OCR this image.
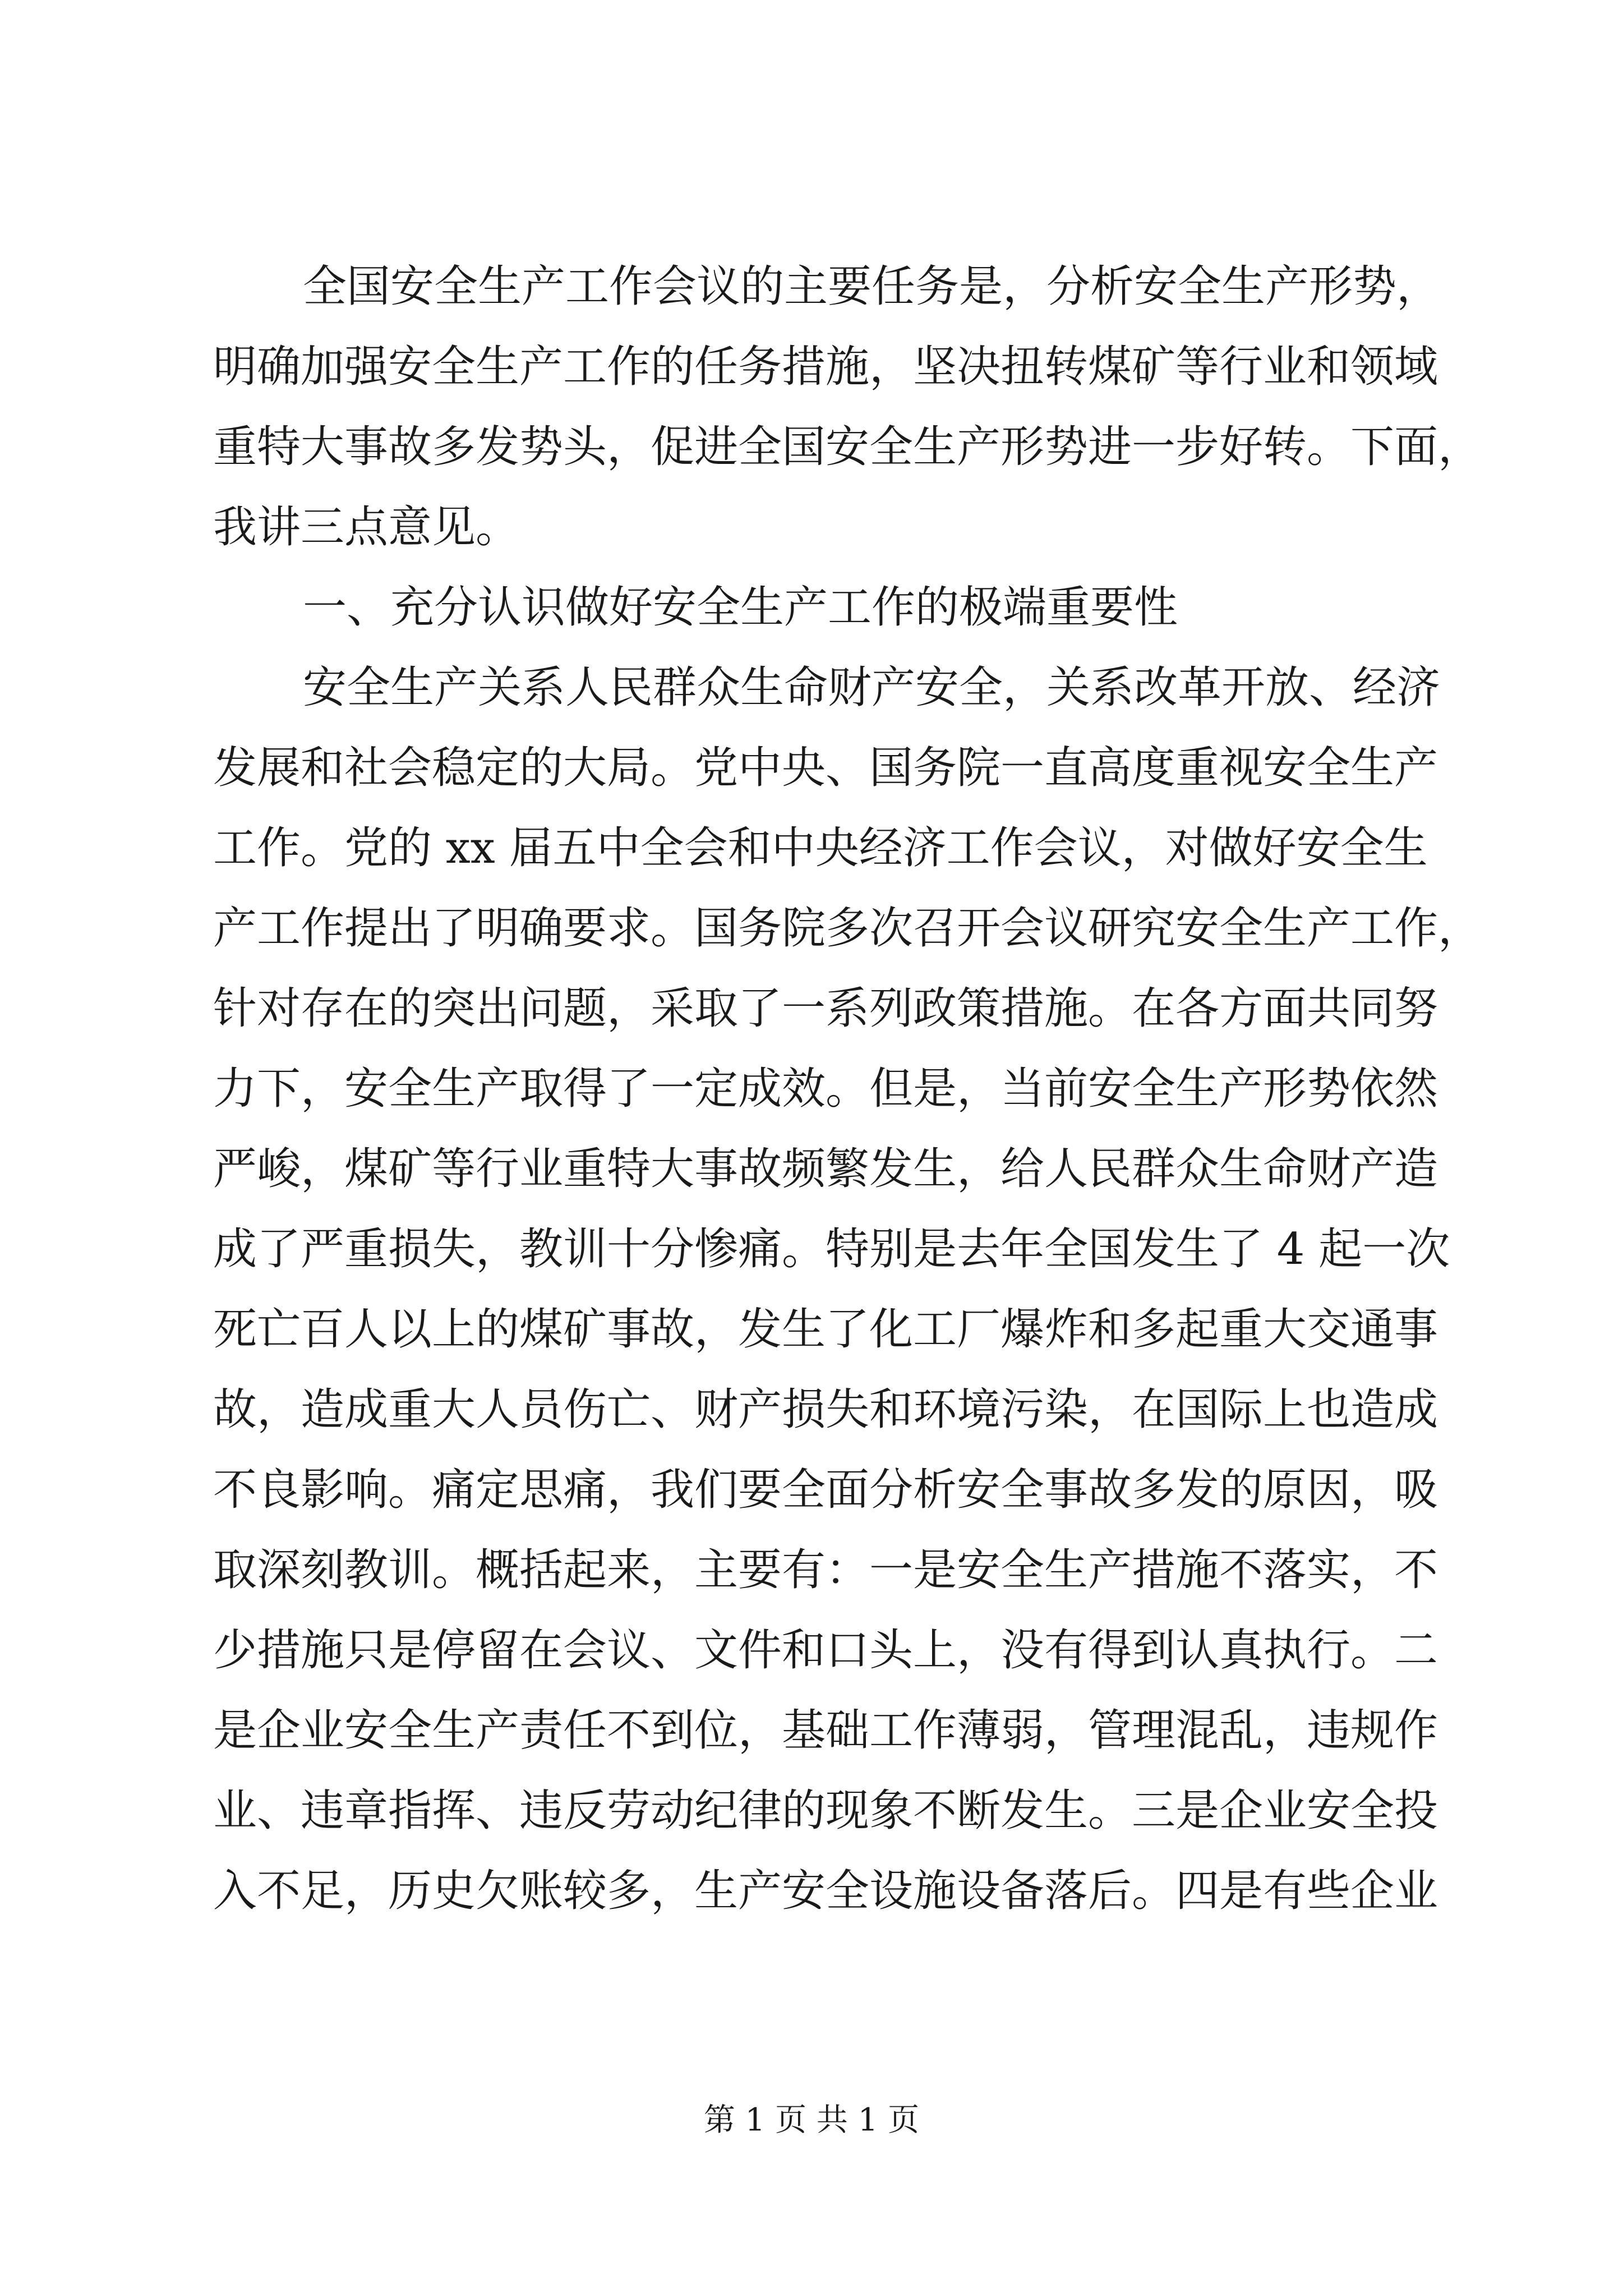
全国安全生产工作会议的主要任务是，分析安全生产形势，
明确加强安全生产工作的任务措施，坚决扭转煤矿等行业和领域
重特大事故多发势头，促进全国安全生产形势进一步好转。下面，
我讲三点意见。
一、充分认识做好安全生产工作的极端重要性
安全生产关系人民群众生命财产安全，关系改革开放、经济
发展和社会稳定的大局。党中央、国务院一直高度重视安全生产
工作。党的 xx 届五中全会和中央经济工作会议，对做好安全生
产工作提出了明确要求。国务院多次召开会议研究安全生产工作，
针对存在的突出问题，采取了一系列政策措施。在各方面共同努
力下，安全生产取得了一定成效。但是，当前安全生产形势依然
严峻，煤矿等行业重特大事故频繁发生，给人民群众生命财产造
成了严重损失，教训十分惨痛。特别是去年全国发生了 4 起一次
死亡百人以上的煤矿事故，发生了化工厂爆炸和多起重大交通事
故，造成重大人员伤亡、财产损失和环境污染，在国际上也造成
不良影响。痛定思痛，我们要全面分析安全事故多发的原因，吸
取深刻教训。概括起来，主要有：一是安全生产措施不落实，不
少措施只是停留在会议、文件和口头上，没有得到认真执行。二
是企业安全生产责任不到位，基础工作薄弱，管理混乱，违规作
业、违章指挥、违反劳动纪律的现象不断发生。三是企业安全投
入不足，历史欠账较多，生产安全设施设备落后。四是有些企业
第 1 页 共 1 页
